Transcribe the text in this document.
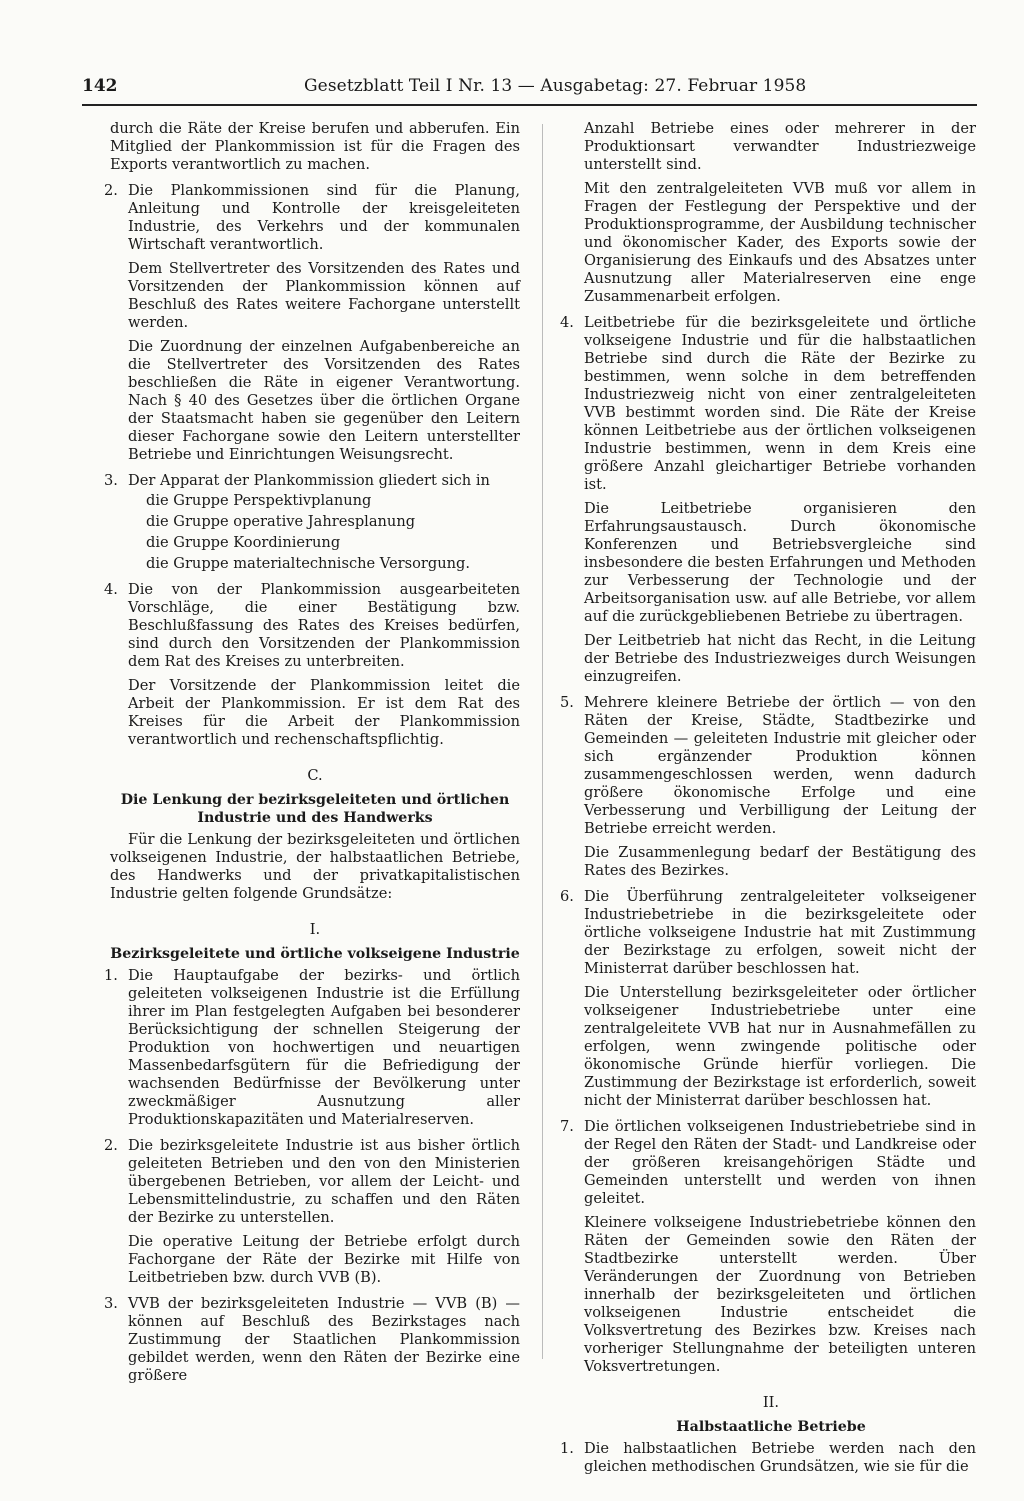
142	Gesetzblatt Teil I Nr. 13 — Ausgabetag: 27. Februar 1958

durch die Räte der Kreise berufen und abberufen. Ein Mitglied der Plankommission ist für die Fragen des Exports verantwortlich zu machen.

2. Die Plankommissionen sind für die Planung, Anleitung und Kontrolle der kreisgeleiteten Industrie, des Verkehrs und der kommunalen Wirtschaft verantwortlich.

Dem Stellvertreter des Vorsitzenden des Rates und Vorsitzenden der Plankommission können auf Beschluß des Rates weitere Fachorgane unterstellt werden.

Die Zuordnung der einzelnen Aufgabenbereiche an die Stellvertreter des Vorsitzenden des Rates beschließen die Räte in eigener Verantwortung. Nach § 40 des Gesetzes über die örtlichen Organe der Staatsmacht haben sie gegenüber den Leitern dieser Fachorgane sowie den Leitern unterstellter Betriebe und Einrichtungen Weisungsrecht.

3. Der Apparat der Plankommission gliedert sich in

die Gruppe Perspektivplanung

die Gruppe operative Jahresplanung

die Gruppe Koordinierung

die Gruppe materialtechnische Versorgung.

4. Die von der Plankommission ausgearbeiteten Vorschläge, die einer Bestätigung bzw. Beschlußfassung des Rates des Kreises bedürfen, sind durch den Vorsitzenden der Plankommission dem Rat des Kreises zu unterbreiten.

Der Vorsitzende der Plankommission leitet die Arbeit der Plankommission. Er ist dem Rat des Kreises für die Arbeit der Plankommission verantwortlich und rechenschaftspflichtig.

C.

Die Lenkung der bezirksgeleiteten und örtlichen Industrie und des Handwerks

Für die Lenkung der bezirksgeleiteten und örtlichen volkseigenen Industrie, der halbstaatlichen Betriebe, des Handwerks und der privatkapitalistischen Industrie gelten folgende Grundsätze:

I.

Bezirksgeleitete und örtliche volkseigene Industrie

1. Die Hauptaufgabe der bezirks- und örtlich geleiteten volkseigenen Industrie ist die Erfüllung ihrer im Plan festgelegten Aufgaben bei besonderer Berücksichtigung der schnellen Steigerung der Produktion von hochwertigen und neuartigen Massenbedarfsgütern für die Befriedigung der wachsenden Bedürfnisse der Bevölkerung unter zweckmäßiger Ausnutzung aller Produktionskapazitäten und Materialreserven.

2. Die bezirksgeleitete Industrie ist aus bisher örtlich geleiteten Betrieben und den von den Ministerien übergebenen Betrieben, vor allem der Leicht- und Lebensmittelindustrie, zu schaffen und den Räten der Bezirke zu unterstellen.

Die operative Leitung der Betriebe erfolgt durch Fachorgane der Räte der Bezirke mit Hilfe von Leitbetrieben bzw. durch VVB (B).

3. VVB der bezirksgeleiteten Industrie — VVB (B) — können auf Beschluß des Bezirkstages nach Zustimmung der Staatlichen Plankommission gebildet werden, wenn den Räten der Bezirke eine größere

Anzahl Betriebe eines oder mehrerer in der Produktionsart verwandter Industriezweige unterstellt sind.

Mit den zentralgeleiteten VVB muß vor allem in Fragen der Festlegung der Perspektive und der Produktionsprogramme, der Ausbildung technischer und ökonomischer Kader, des Exports sowie der Organisierung des Einkaufs und des Absatzes unter Ausnutzung aller Materialreserven eine enge Zusammenarbeit erfolgen.

4. Leitbetriebe für die bezirksgeleitete und örtliche volkseigene Industrie und für die halbstaatlichen Betriebe sind durch die Räte der Bezirke zu bestimmen, wenn solche in dem betreffenden Industriezweig nicht von einer zentralgeleiteten VVB bestimmt worden sind. Die Räte der Kreise können Leitbetriebe aus der örtlichen volkseigenen Industrie bestimmen, wenn in dem Kreis eine größere Anzahl gleichartiger Betriebe vorhanden ist.

Die Leitbetriebe organisieren den Erfahrungsaustausch. Durch ökonomische Konferenzen und Betriebsvergleiche sind insbesondere die besten Erfahrungen und Methoden zur Verbesserung der Technologie und der Arbeitsorganisation usw. auf alle Betriebe, vor allem auf die zurückgebliebenen Betriebe zu übertragen.

Der Leitbetrieb hat nicht das Recht, in die Leitung der Betriebe des Industriezweiges durch Weisungen einzugreifen.

5. Mehrere kleinere Betriebe der örtlich — von den Räten der Kreise, Städte, Stadtbezirke und Gemeinden — geleiteten Industrie mit gleicher oder sich ergänzender Produktion können zusammengeschlossen werden, wenn dadurch größere ökonomische Erfolge und eine Verbesserung und Verbilligung der Leitung der Betriebe erreicht werden.

Die Zusammenlegung bedarf der Bestätigung des Rates des Bezirkes.

6. Die Überführung zentralgeleiteter volkseigener Industriebetriebe in die bezirksgeleitete oder örtliche volkseigene Industrie hat mit Zustimmung der Bezirkstage zu erfolgen, soweit nicht der Ministerrat darüber beschlossen hat.

Die Unterstellung bezirksgeleiteter oder örtlicher volkseigener Industriebetriebe unter eine zentralgeleitete VVB hat nur in Ausnahmefällen zu erfolgen, wenn zwingende politische oder ökonomische Gründe hierfür vorliegen. Die Zustimmung der Bezirkstage ist erforderlich, soweit nicht der Ministerrat darüber beschlossen hat.

7. Die örtlichen volkseigenen Industriebetriebe sind in der Regel den Räten der Stadt- und Landkreise oder der größeren kreisangehörigen Städte und Gemeinden unterstellt und werden von ihnen geleitet.

Kleinere volkseigene Industriebetriebe können den Räten der Gemeinden sowie den Räten der Stadtbezirke unterstellt werden. Über Veränderungen der Zuordnung von Betrieben innerhalb der bezirksgeleiteten und örtlichen volkseigenen Industrie entscheidet die Volksvertretung des Bezirkes bzw. Kreises nach vorheriger Stellungnahme der beteiligten unteren Voksvertretungen.

II.

Halbstaatliche Betriebe

1. Die halbstaatlichen Betriebe werden nach den gleichen methodischen Grundsätzen, wie sie für die
